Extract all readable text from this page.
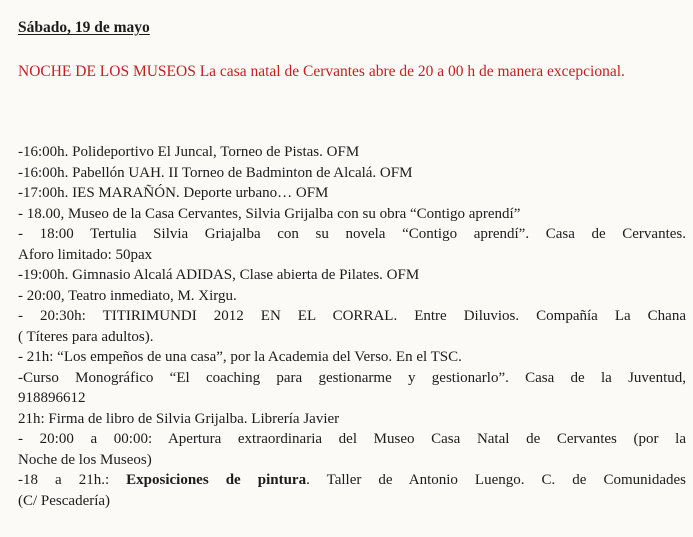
Sábado, 19 de mayo
NOCHE DE LOS MUSEOS La casa natal de Cervantes abre de 20 a 00 h de manera excepcional.
-16:00h. Polideportivo El Juncal, Torneo de Pistas. OFM
-16:00h. Pabellón UAH. II Torneo de Badminton de Alcalá. OFM
-17:00h. IES MARAÑÓN. Deporte urbano… OFM
- 18.00, Museo de la Casa Cervantes, Silvia Grijalba con su obra “Contigo aprendí”
- 18:00 Tertulia Silvia Griajalba con su novela “Contigo aprendí”. Casa de Cervantes.
Aforo limitado: 50pax
-19:00h. Gimnasio Alcalá ADIDAS, Clase abierta de Pilates. OFM
- 20:00, Teatro inmediato, M. Xirgu.
- 20:30h: TITIRIMUNDI 2012 EN EL CORRAL. Entre Diluvios. Compañía La Chana
( Títeres para adultos).
- 21h: “Los empeños de una casa”, por la Academia del Verso. En el TSC.
-Curso Monográfico “El coaching para gestionarme y gestionarlo”. Casa de la Juventud,
918896612
21h: Firma de libro de Silvia Grijalba. Librería Javier
- 20:00 a 00:00: Apertura extraordinaria del Museo Casa Natal de Cervantes (por la
Noche de los Museos)
-18 a 21h.: Exposiciones de pintura. Taller de Antonio Luengo. C. de Comunidades
(C/ Pescadería)
